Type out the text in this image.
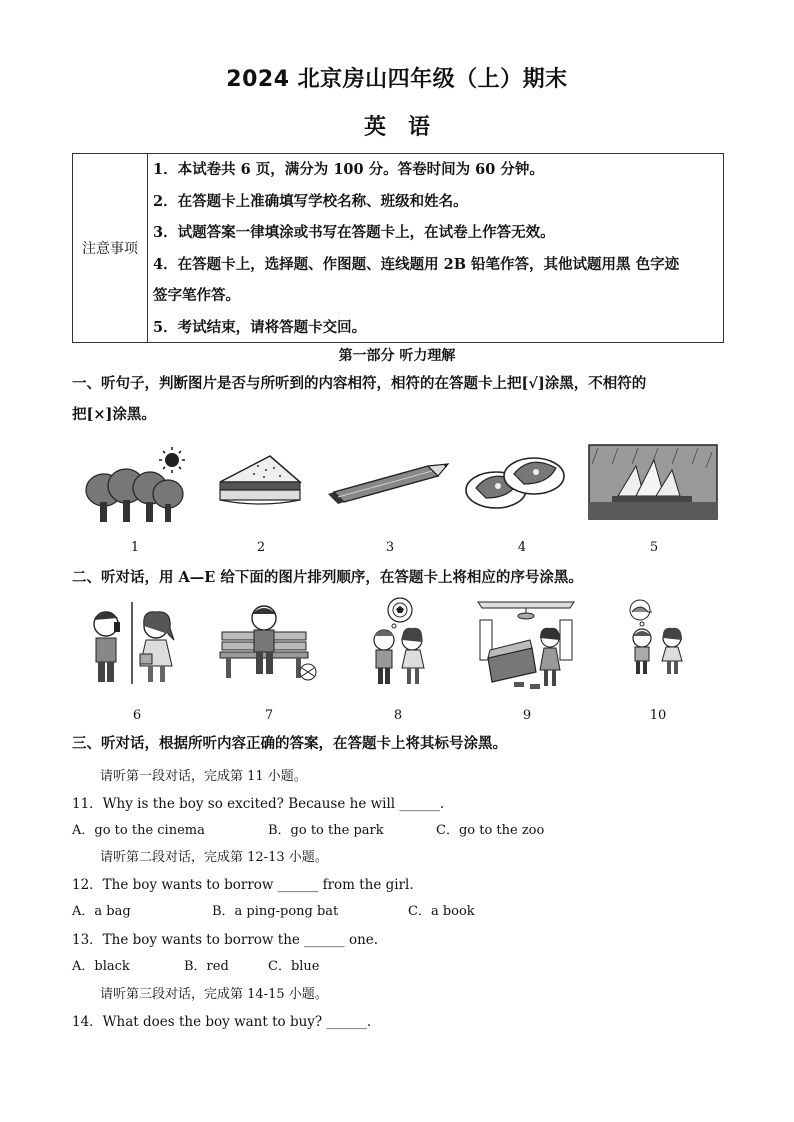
2024 北京房山四年级（上）期末
英　语
注意事项
1．本试卷共 6 页，满分为 100 分。答卷时间为 60 分钟。
2．在答题卡上准确填写学校名称、班级和姓名。
3．试题答案一律填涂或书写在答题卡上，在试卷上作答无效。
4．在答题卡上，选择题、作图题、连线题用 2B 铅笔作答，其他试题用黑 色字迹
签字笔作答。
5．考试结束，请将答题卡交回。
第一部分 听力理解
一、听句子，判断图片是否与所听到的内容相符，相符的在答题卡上把[√]涂黑，不相符的
把[×]涂黑。
1	2	3	4	5
二、听对话，用 A—E 给下面的图片排列顺序，在答题卡上将相应的序号涂黑。
6	7	8	9	10
三、听对话，根据所听内容正确的答案，在答题卡上将其标号涂黑。
请听第一段对话，完成第 11 小题。
11．Why is the boy so excited? Because he will ______.
A．go to the cinema	B．go to the park	C．go to the zoo
请听第二段对话，完成第 12-13 小题。
12．The boy wants to borrow ______ from the girl.
A．a bag	B．a ping-pong bat	C．a book
13．The boy wants to borrow the ______ one.
A．black	B．red	C．blue
请听第三段对话，完成第 14-15 小题。
14．What does the boy want to buy? ______.
